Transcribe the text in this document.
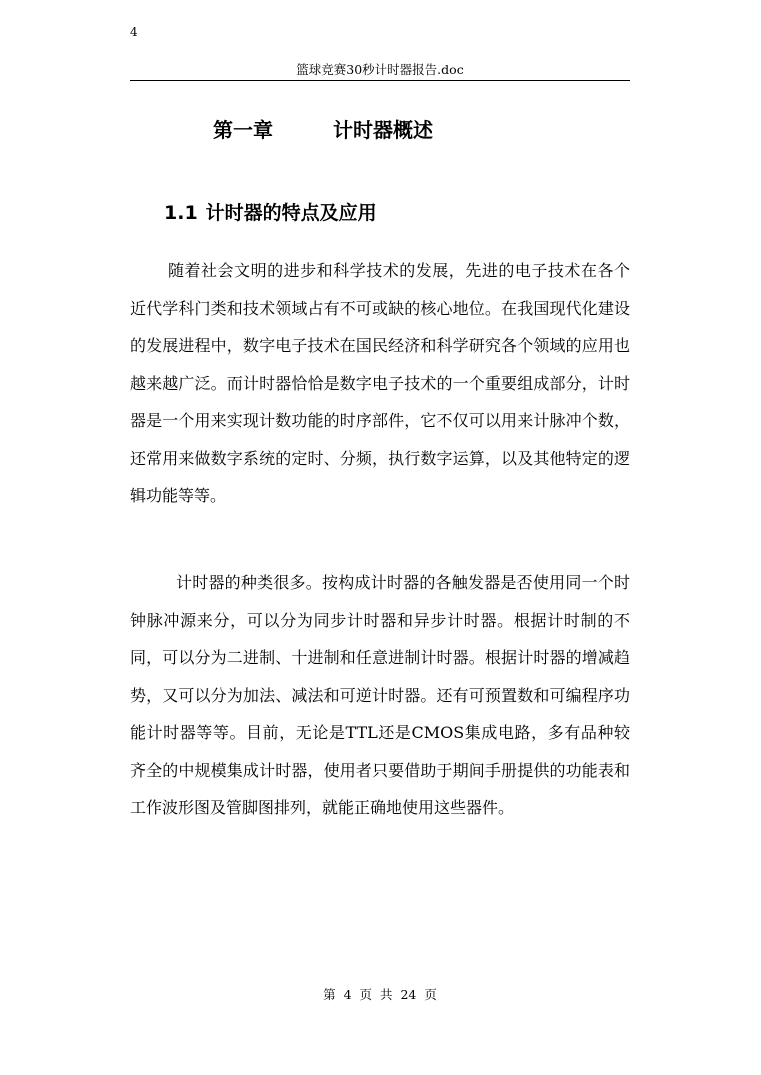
4
篮球竞赛30秒计时器报告.doc
第一章	计时器概述
1.1 计时器的特点及应用
随着社会文明的进步和科学技术的发展，先进的电子技术在各个近代学科门类和技术领域占有不可或缺的核心地位。在我国现代化建设的发展进程中，数字电子技术在国民经济和科学研究各个领域的应用也越来越广泛。而计时器恰恰是数字电子技术的一个重要组成部分，计时器是一个用来实现计数功能的时序部件，它不仅可以用来计脉冲个数，还常用来做数字系统的定时、分频，执行数字运算，以及其他特定的逻辑功能等等。
计时器的种类很多。按构成计时器的各触发器是否使用同一个时钟脉冲源来分，可以分为同步计时器和异步计时器。根据计时制的不同，可以分为二进制、十进制和任意进制计时器。根据计时器的增减趋势，又可以分为加法、减法和可逆计时器。还有可预置数和可编程序功能计时器等等。目前，无论是TTL还是CMOS集成电路，多有品种较齐全的中规模集成计时器，使用者只要借助于期间手册提供的功能表和工作波形图及管脚图排列，就能正确地使用这些器件。
第 4 页 共 24 页
